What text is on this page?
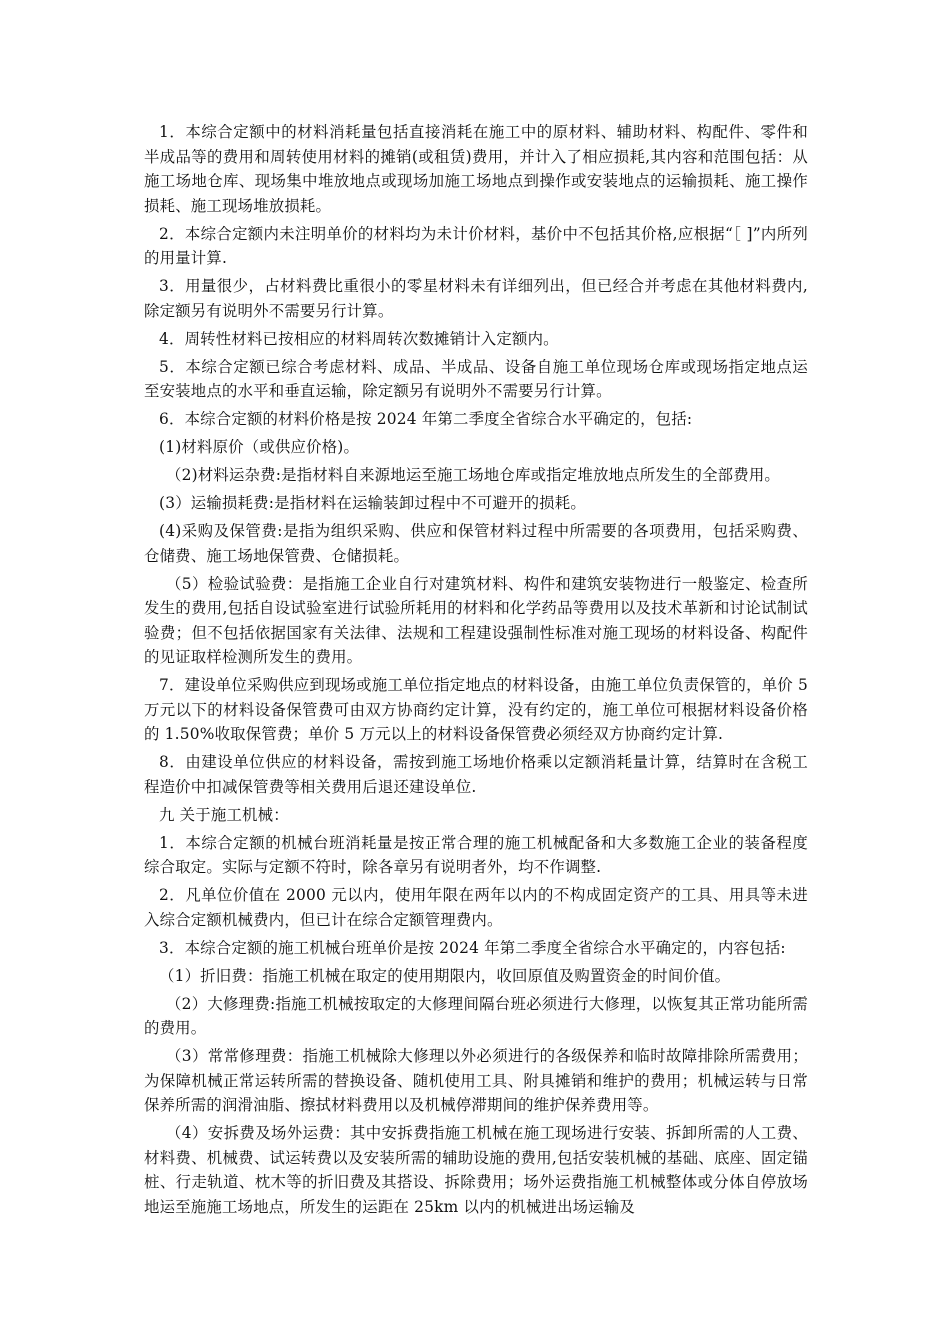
1．本综合定额中的材料消耗量包括直接消耗在施工中的原材料、辅助材料、构配件、零件和半成品等的费用和周转使用材料的摊销(或租赁)费用，并计入了相应损耗,其内容和范围包括：从施工场地仓库、现场集中堆放地点或现场加施工场地点到操作或安装地点的运输损耗、施工操作损耗、施工现场堆放损耗。

2．本综合定额内未注明单价的材料均为未计价材料，基价中不包括其价格,应根据“［ ]”内所列的用量计算.

3．用量很少，占材料费比重很小的零星材料未有详细列出，但已经合并考虑在其他材料费内,除定额另有说明外不需要另行计算。

4．周转性材料已按相应的材料周转次数摊销计入定额内。

5．本综合定额已综合考虑材料、成品、半成品、设备自施工单位现场仓库或现场指定地点运至安装地点的水平和垂直运输，除定额另有说明外不需要另行计算。

6．本综合定额的材料价格是按 2024 年第二季度全省综合水平确定的，包括:

(1)材料原价（或供应价格)。

（2)材料运杂费:是指材料自来源地运至施工场地仓库或指定堆放地点所发生的全部费用。

(3）运输损耗费:是指材料在运输装卸过程中不可避开的损耗。

(4)采购及保管费:是指为组织采购、供应和保管材料过程中所需要的各项费用，包括采购费、仓储费、施工场地保管费、仓储损耗。

（5）检验试验费：是指施工企业自行对建筑材料、构件和建筑安装物进行一般鉴定、检查所发生的费用,包括自设试验室进行试验所耗用的材料和化学药品等费用以及技术革新和讨论试制试验费；但不包括依据国家有关法律、法规和工程建设强制性标准对施工现场的材料设备、构配件的见证取样检测所发生的费用。

7．建设单位采购供应到现场或施工单位指定地点的材料设备，由施工单位负责保管的，单价 5 万元以下的材料设备保管费可由双方协商约定计算，没有约定的，施工单位可根据材料设备价格的 1.50%收取保管费；单价 5 万元以上的材料设备保管费必须经双方协商约定计算.

8．由建设单位供应的材料设备，需按到施工场地价格乘以定额消耗量计算，结算时在含税工程造价中扣减保管费等相关费用后退还建设单位.

九 关于施工机械：

1．本综合定额的机械台班消耗量是按正常合理的施工机械配备和大多数施工企业的装备程度综合取定。实际与定额不符时，除各章另有说明者外，均不作调整.

2．凡单位价值在 2000 元以内，使用年限在两年以内的不构成固定资产的工具、用具等未进入综合定额机械费内，但已计在综合定额管理费内。

3．本综合定额的施工机械台班单价是按 2024 年第二季度全省综合水平确定的，内容包括:

（1）折旧费：指施工机械在取定的使用期限内，收回原值及购置资金的时间价值。

（2）大修理费:指施工机械按取定的大修理间隔台班必须进行大修理，以恢复其正常功能所需的费用。

（3）常常修理费：指施工机械除大修理以外必须进行的各级保养和临时故障排除所需费用；为保障机械正常运转所需的替换设备、随机使用工具、附具摊销和维护的费用；机械运转与日常保养所需的润滑油脂、擦拭材料费用以及机械停滞期间的维护保养费用等。

（4）安拆费及场外运费：其中安拆费指施工机械在施工现场进行安装、拆卸所需的人工费、材料费、机械费、试运转费以及安装所需的辅助设施的费用,包括安装机械的基础、底座、固定锚桩、行走轨道、枕木等的折旧费及其搭设、拆除费用；场外运费指施工机械整体或分体自停放场地运至施施工场地点，所发生的运距在 25km 以内的机械进出场运输及
